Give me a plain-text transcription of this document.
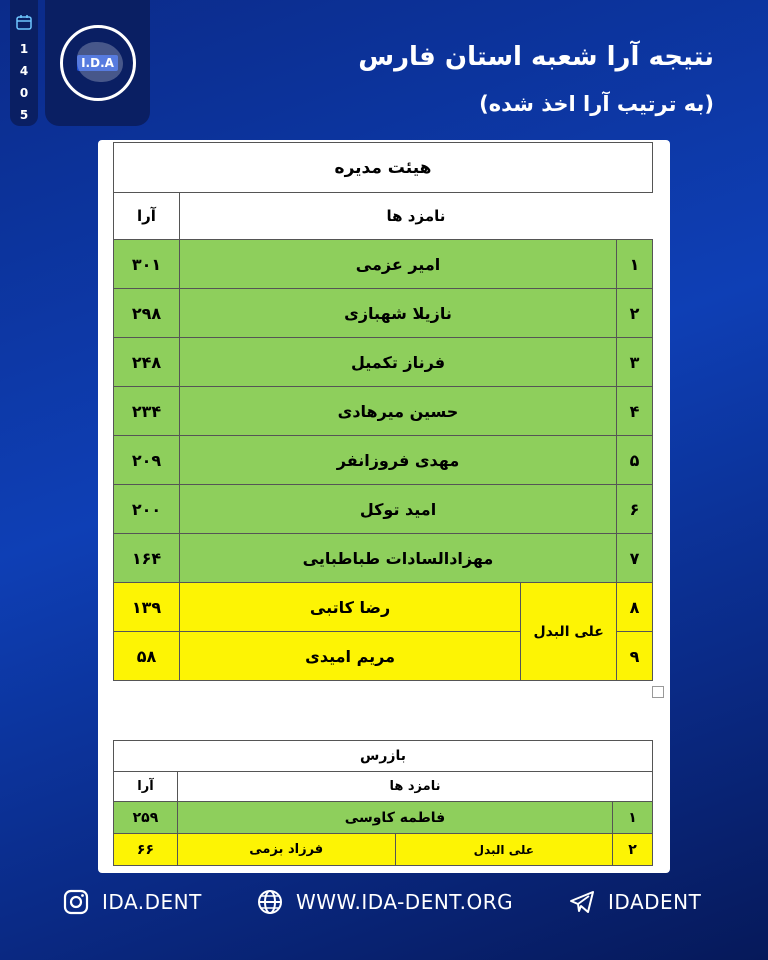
1
4
0
5
I.D.A	نتیجه آرا شعبه استان فارس
(به ترتیب آرا اخذ شده)
هیئت مدیره			
نامزد ها			آرا
۱	امیر عزمی		۳۰۱
۲	نازیلا شهبازی		۲۹۸
۳	فرناز تکمیل		۲۴۸
۴	حسین میرهادی		۲۳۴
۵	مهدی فروزانفر		۲۰۹
۶	امید توکل		۲۰۰
۷	مهزادالسادات طباطبایی		۱۶۴
۸	علی البدل	رضا کاتبی	۱۳۹
۹		مریم امیدی	۵۸
بازرس			
نامزد ها			آرا
۱	فاطمه کاوسی		۲۵۹
۲	علی البدل	فرزاد بزمی	۶۶
IDA.DENT	WWW.IDA-DENT.ORG	IDADENT
